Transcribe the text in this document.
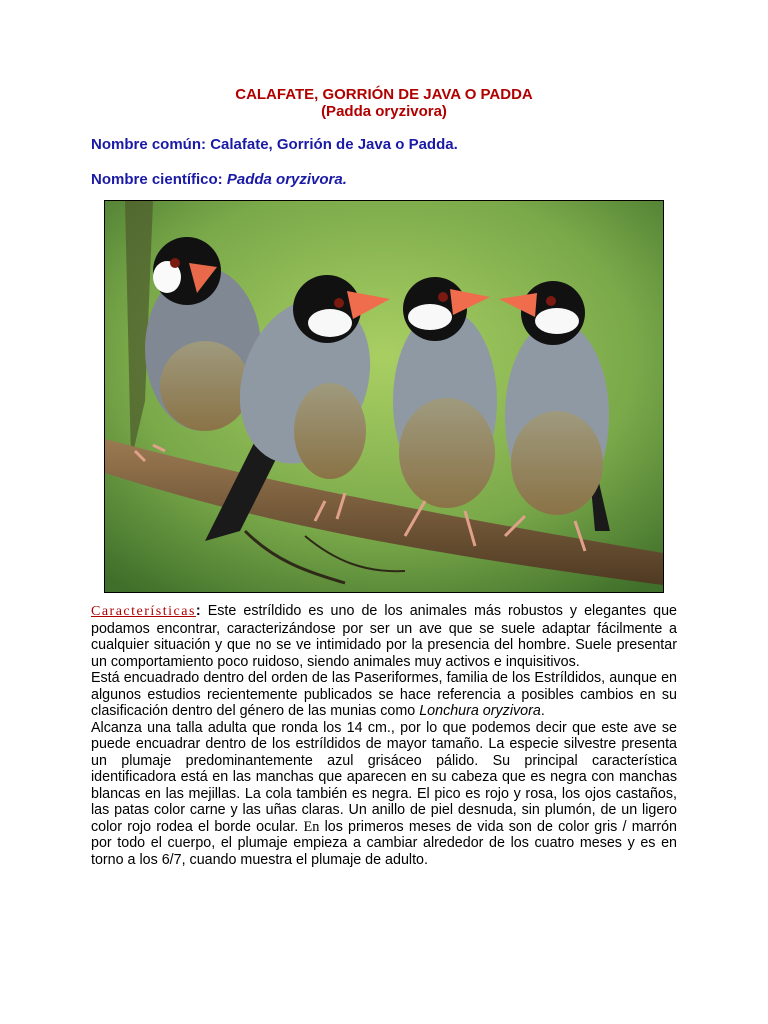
CALAFATE, GORRIÓN DE JAVA O PADDA
(Padda oryzivora)
Nombre común: Calafate, Gorrión de Java o Padda.
Nombre científico: Padda oryzivora.

Características: Este estríldido es uno de los animales más robustos y elegantes que podamos encontrar, caracterizándose por ser un ave que se suele adaptar fácilmente a cualquier situación y que no se ve intimidado por la presencia del hombre. Suele presentar un comportamiento poco ruidoso, siendo animales muy activos e inquisitivos.

Está encuadrado dentro del orden de las Paseriformes, familia de los Estríldidos, aunque en algunos estudios recientemente publicados se hace referencia a posibles cambios en su clasificación dentro del género de las munias como Lonchura oryzivora.

Alcanza una talla adulta que ronda los 14 cm., por lo que podemos decir que este ave se puede encuadrar dentro de los estríldidos de mayor tamaño. La especie silvestre presenta un plumaje predominantemente azul grisáceo pálido. Su principal característica identificadora está en las manchas que aparecen en su cabeza que es negra con manchas blancas en las mejillas. La cola también es negra. El pico es rojo y rosa, los ojos castaños, las patas color carne y las uñas claras. Un anillo de piel desnuda, sin plumón, de un ligero color rojo rodea el borde ocular. En los primeros meses de vida son de color gris / marrón por todo el cuerpo, el plumaje empieza a cambiar alrededor de los cuatro meses y es en torno a los 6/7, cuando muestra el plumaje de adulto.
